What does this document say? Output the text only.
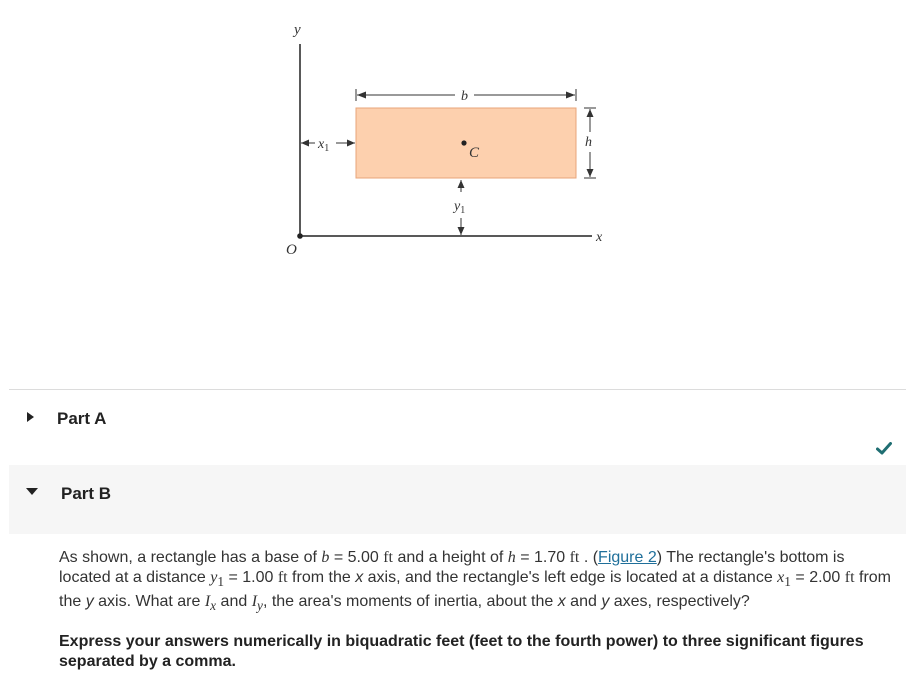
y
x
O
C
b
h
$x_1$
$y_1$
Part A
Part B

As shown, a rectangle has a base of b = 5.00 ft and a height of h = 1.70 ft . (Figure 2) The rectangle's bottom is located at a distance $y_1 = 1.00$ ft from the x axis, and the rectangle's left edge is located at a distance $x_1 = 2.00$ ft from the y axis. What are $I_x$ and $I_y$, the area's moments of inertia, about the x and y axes, respectively?

Express your answers numerically in biquadratic feet (feet to the fourth power) to three significant figures separated by a comma.
